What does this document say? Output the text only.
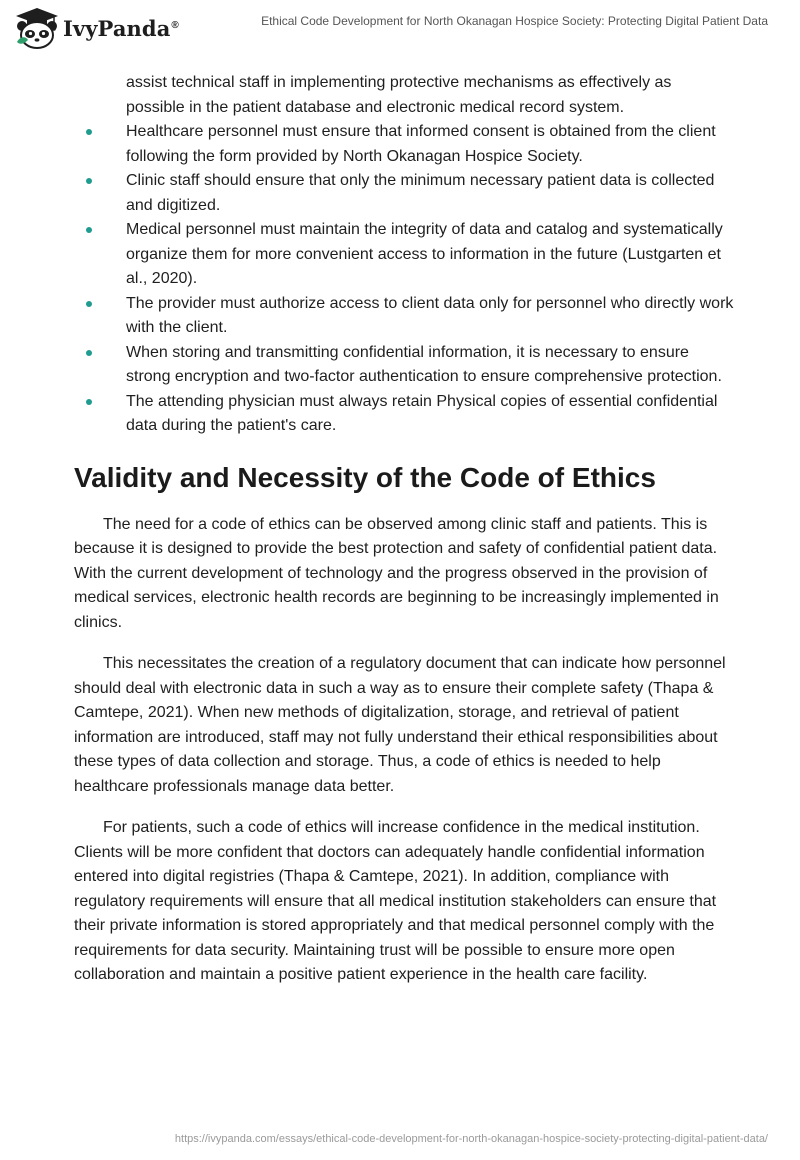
IvyPanda®	Ethical Code Development for North Okanagan Hospice Society: Protecting Digital Patient Data

assist technical staff in implementing protective mechanisms as effectively as possible in the patient database and electronic medical record system.

Healthcare personnel must ensure that informed consent is obtained from the client following the form provided by North Okanagan Hospice Society.
Clinic staff should ensure that only the minimum necessary patient data is collected and digitized.
Medical personnel must maintain the integrity of data and catalog and systematically organize them for more convenient access to information in the future (Lustgarten et al., 2020).
The provider must authorize access to client data only for personnel who directly work with the client.
When storing and transmitting confidential information, it is necessary to ensure strong encryption and two-factor authentication to ensure comprehensive protection.
The attending physician must always retain Physical copies of essential confidential data during the patient's care.
Validity and Necessity of the Code of Ethics

The need for a code of ethics can be observed among clinic staff and patients. This is because it is designed to provide the best protection and safety of confidential patient data. With the current development of technology and the progress observed in the provision of medical services, electronic health records are beginning to be increasingly implemented in clinics.

This necessitates the creation of a regulatory document that can indicate how personnel should deal with electronic data in such a way as to ensure their complete safety (Thapa & Camtepe, 2021). When new methods of digitalization, storage, and retrieval of patient information are introduced, staff may not fully understand their ethical responsibilities about these types of data collection and storage. Thus, a code of ethics is needed to help healthcare professionals manage data better.

For patients, such a code of ethics will increase confidence in the medical institution. Clients will be more confident that doctors can adequately handle confidential information entered into digital registries (Thapa & Camtepe, 2021). In addition, compliance with regulatory requirements will ensure that all medical institution stakeholders can ensure that their private information is stored appropriately and that medical personnel comply with the requirements for data security. Maintaining trust will be possible to ensure more open collaboration and maintain a positive patient experience in the health care facility.

https://ivypanda.com/essays/ethical-code-development-for-north-okanagan-hospice-society-protecting-digital-patient-data/
